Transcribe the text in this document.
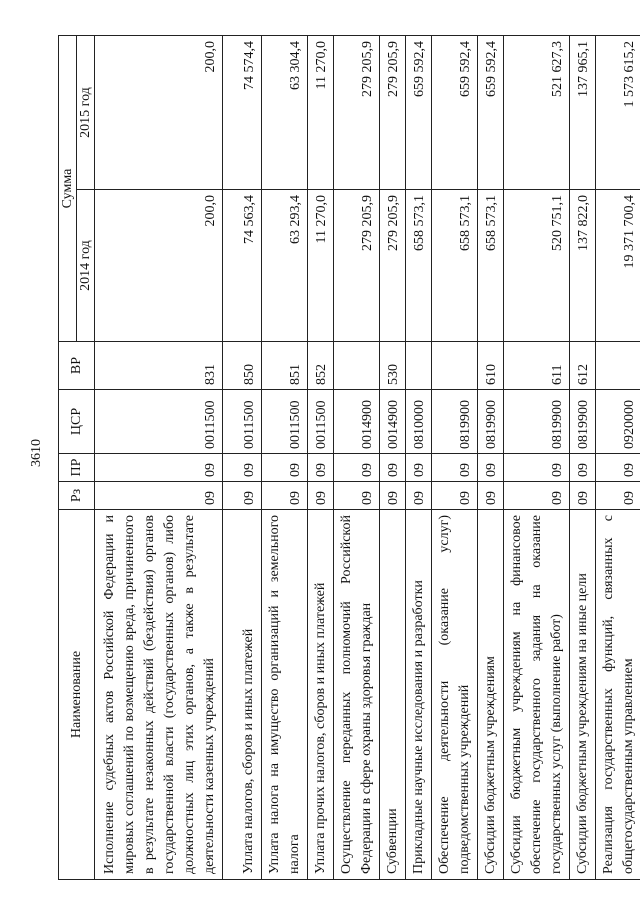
3610
Наименование	Рз	ПР	ЦСР	ВР	Сумма	
					2014 год	2015 год
Исполнение судебных актов Российской Федерации и мировых соглашений по возмещению вреда, причиненного в результате незаконных действий (бездействия) органов государственной власти (государственных органов) либо должностных лиц этих органов, а также в результате деятельности казенных учреждений	09	09	0011500	831	200,0	200,0
Уплата налогов, сборов и иных платежей	09	09	0011500	850	74 563,4	74 574,4
Уплата налога на имущество организаций и земельного налога	09	09	0011500	851	63 293,4	63 304,4
Уплата прочих налогов, сборов и иных платежей	09	09	0011500	852	11 270,0	11 270,0
Осуществление переданных полномочий Российской Федерации в сфере охраны здоровья граждан	09	09	0014900		279 205,9	279 205,9
Субвенции	09	09	0014900	530	279 205,9	279 205,9
Прикладные научные исследования и разработки	09	09	0810000		658 573,1	659 592,4
Обеспечение деятельности (оказание услуг) подведомственных учреждений	09	09	0819900		658 573,1	659 592,4
Субсидии бюджетным учреждениям	09	09	0819900	610	658 573,1	659 592,4
Субсидии бюджетным учреждениям на финансовое обеспечение государственного задания на оказание государственных услуг (выполнение работ)	09	09	0819900	611	520 751,1	521 627,3
Субсидии бюджетным учреждениям на иные цели	09	09	0819900	612	137 822,0	137 965,1
Реализация государственных функций, связанных с общегосударственным управлением	09	09	0920000		19 371 700,4	1 573 615,2
